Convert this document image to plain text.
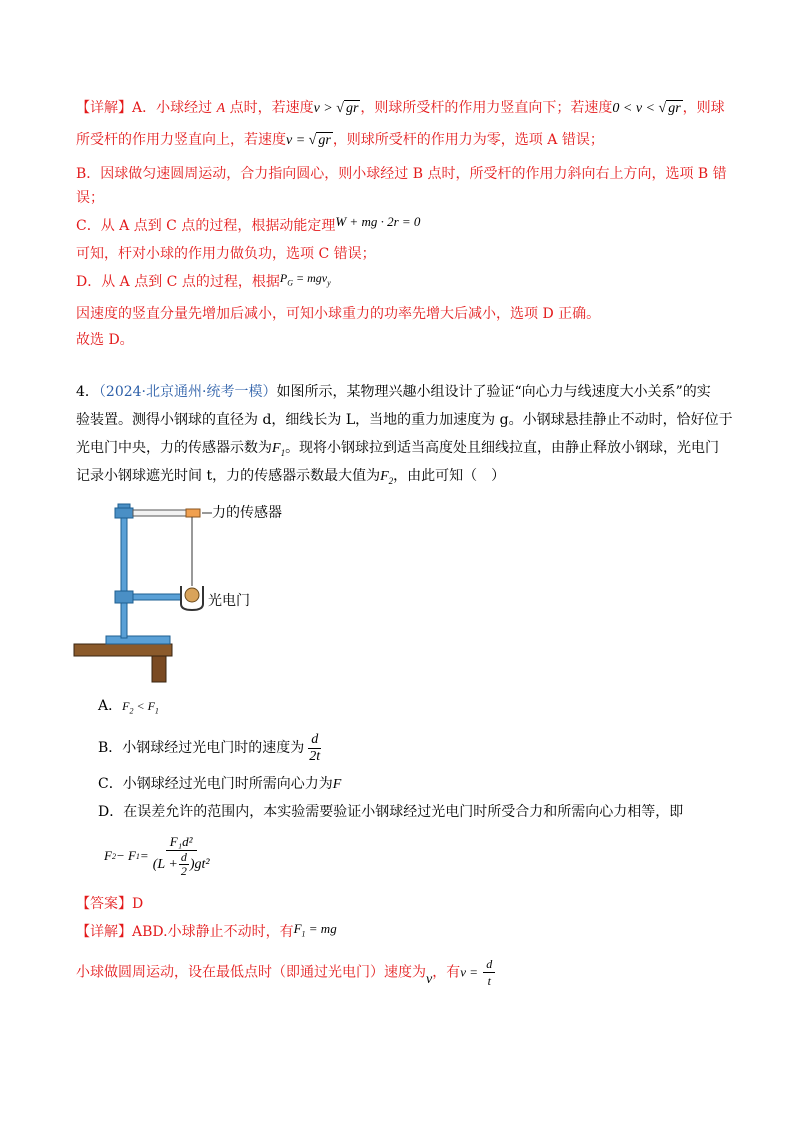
【详解】A．小球经过 A 点时，若速度v > √ gr ，则球所受杆的作用力竖直向下；若速度0 < v < √ gr ，则球
所受杆的作用力竖直向上，若速度v = √ gr ，则球所受杆的作用力为零，选项 A 错误；
B．因球做匀速圆周运动，合力指向圆心，则小球经过 B 点时，所受杆的作用力斜向右上方向，选项 B 错
误；
C．从 A 点到 C 点的过程，根据动能定理W + mg · 2r = 0
可知，杆对小球的作用力做负功，选项 C 错误；
D．从 A 点到 C 点的过程，根据$P_G = mgv_y$
因速度的竖直分量先增加后减小，可知小球重力的功率先增大后减小，选项 D 正确。
故选 D。
4．（2024·北京通州·统考一模）如图所示，某物理兴趣小组设计了验证“向心力与线速度大小关系”的实
验装置。测得小钢球的直径为 d，细线长为 L，当地的重力加速度为 g。小钢球悬挂静止不动时，恰好位于
光电门中央，力的传感器示数为$F_1$。现将小钢球拉到适当高度处且细线拉直，由静止释放小钢球，光电门
记录小钢球遮光时间 t，力的传感器示数最大值为$F_2$，由此可知（　）
力的传感器
光电门
A．$F_2 < F_1$
B．小钢球经过光电门时的速度为 $\frac{d}{2t}$
C．小钢球经过光电门时所需向心力为F
D．在误差允许的范围内，本实验需要验证小钢球经过光电门时所受合力和所需向心力相等，即
F 2 − F $1 = \frac{\text{F₁d²}}{(L + \frac{d}{2} )gt^2}$
【答案】D
【详解】ABD.小球静止不动时，有$F_1$ = mg
小球做圆周运动，设在最低点时（即通过光电门）速度为v，有$v = \frac{d}{t}$
